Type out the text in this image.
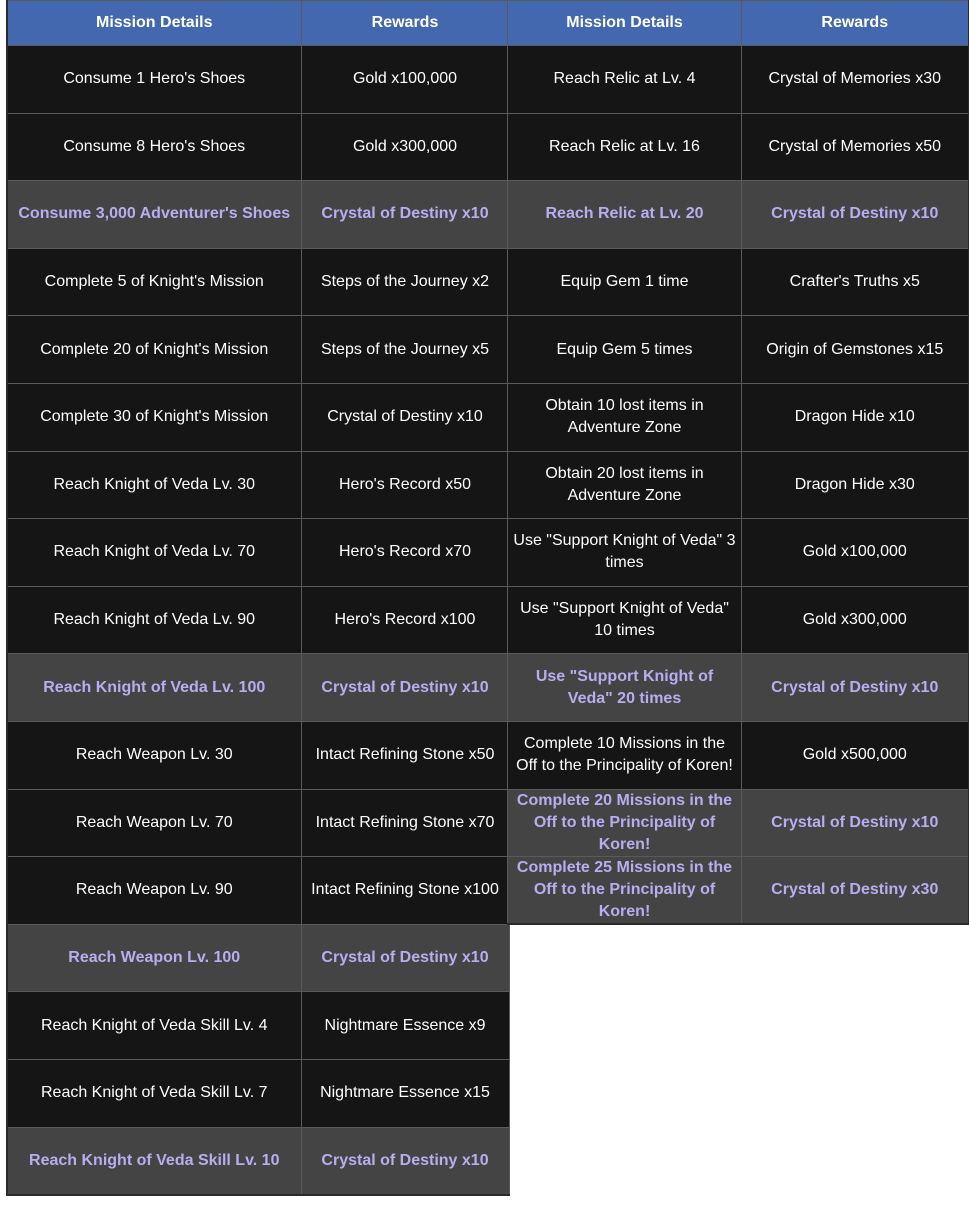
Mission Details	Rewards
Consume 1 Hero's Shoes	Gold x100,000
Consume 8 Hero's Shoes	Gold x300,000
Consume 3,000 Adventurer's Shoes	Crystal of Destiny x10
Complete 5 of Knight's Mission	Steps of the Journey x2
Complete 20 of Knight's Mission	Steps of the Journey x5
Complete 30 of Knight's Mission	Crystal of Destiny x10
Reach Knight of Veda Lv. 30	Hero's Record x50
Reach Knight of Veda Lv. 70	Hero's Record x70
Reach Knight of Veda Lv. 90	Hero's Record x100
Reach Knight of Veda Lv. 100	Crystal of Destiny x10
Reach Weapon Lv. 30	Intact Refining Stone x50
Reach Weapon Lv. 70	Intact Refining Stone x70
Reach Weapon Lv. 90	Intact Refining Stone x100
Reach Weapon Lv. 100	Crystal of Destiny x10
Reach Knight of Veda Skill Lv. 4	Nightmare Essence x9
Reach Knight of Veda Skill Lv. 7	Nightmare Essence x15
Reach Knight of Veda Skill Lv. 10	Crystal of Destiny x10
Mission Details	Rewards
Reach Relic at Lv. 4	Crystal of Memories x30
Reach Relic at Lv. 16	Crystal of Memories x50
Reach Relic at Lv. 20	Crystal of Destiny x10
Equip Gem 1 time	Crafter's Truths x5
Equip Gem 5 times	Origin of Gemstones x15
Obtain 10 lost items in Adventure Zone	Dragon Hide x10
Obtain 20 lost items in Adventure Zone	Dragon Hide x30
Use "Support Knight of Veda" 3 times	Gold x100,000
Use "Support Knight of Veda" 10 times	Gold x300,000
Use "Support Knight of Veda" 20 times	Crystal of Destiny x10
Complete 10 Missions in the Off to the Principality of Koren!	Gold x500,000
Complete 20 Missions in the Off to the Principality of Koren!	Crystal of Destiny x10
Complete 25 Missions in the Off to the Principality of Koren!	Crystal of Destiny x30
